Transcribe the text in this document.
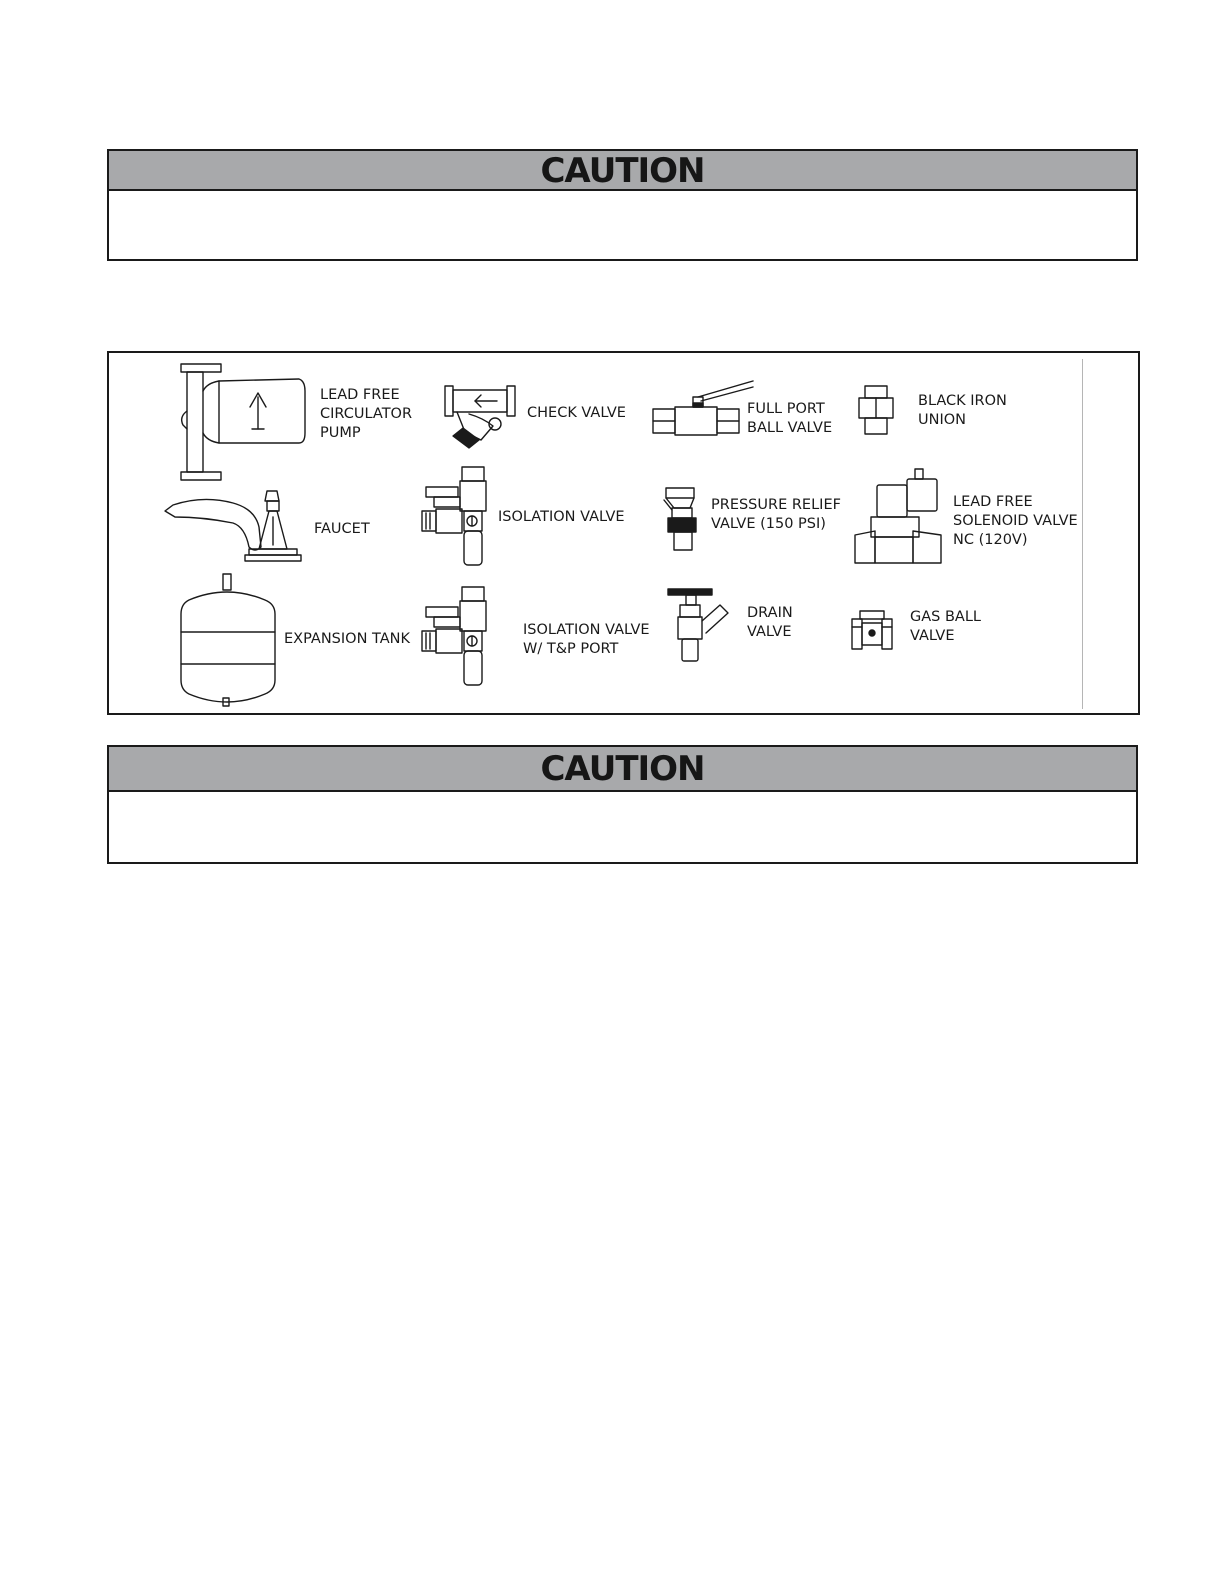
CAUTION
LEAD FREE
CIRCULATOR
PUMP
CHECK VALVE	FULL PORT
BALL VALVE
BLACK IRON
UNION
FAUCET
ISOLATION VALVE
PRESSURE RELIEF
VALVE (150 PSI)
LEAD FREE
SOLENOID VALVE
NC (120V)
EXPANSION TANK
ISOLATION VALVE
W/ T&P PORT
DRAIN
VALVE
GAS BALL
VALVE
CAUTION
